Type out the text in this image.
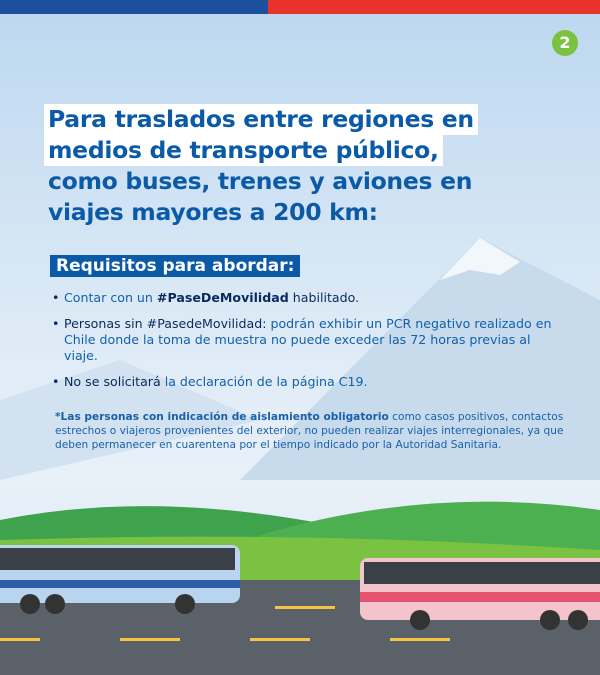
2
Para traslados entre regiones en
medios de transporte público,
como buses, trenes y aviones en
viajes mayores a 200 km:
Requisitos para abordar:
• Contar con un #PaseDeMovilidad habilitado.
• Personas sin #PasedeMovilidad: podrán exhibir un PCR negativo realizado en Chile donde la toma de muestra no puede exceder las 72 horas previas al viaje.
• No se solicitará la declaración de la página C19.
*Las personas con indicación de aislamiento obligatorio como casos positivos, contactos estrechos o viajeros provenientes del exterior, no pueden realizar viajes interregionales, ya que deben permanecer en cuarentena por el tiempo indicado por la Autoridad Sanitaria.
